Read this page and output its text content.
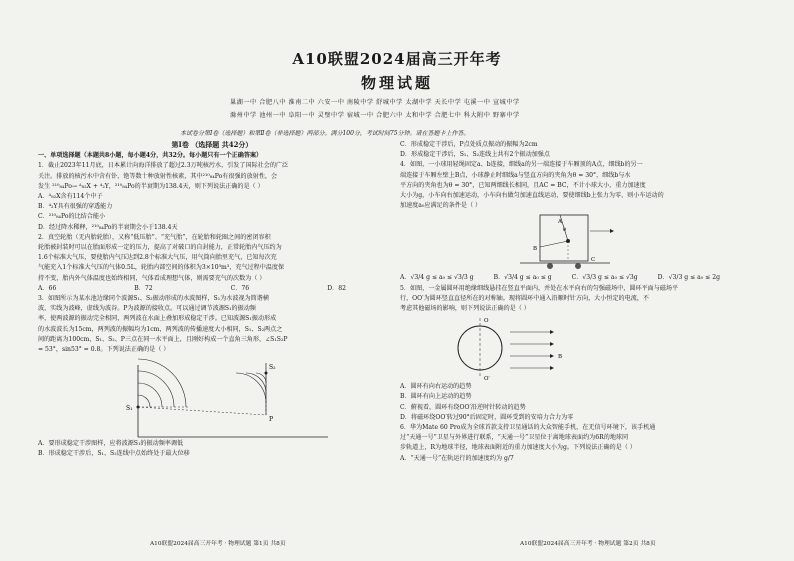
A10联盟2024届高三开年考
物理试题
巢湖一中 合肥八中 淮南二中 六安一中 南陵中学 舒城中学 太湖中学 天长中学 屯溪一中 宣城中学
滁州中学 池州一中 阜阳一中 灵璧中学 宿城一中 合肥六中 太和中学 合肥七中 科大附中 野寨中学
本试卷分第Ⅰ卷（选择题）和第Ⅱ卷（非选择题）两部分。满分100分，考试时间75分钟。请在答题卡上作答。
第Ⅰ卷 （选择题 共42分）

一、单项选择题（本题共8小题，每小题4分，共32分。每小题只有一个正确答案）

1．截止2023年11月底，日本累计向海洋排放了超过2.3万吨核污水，引发了国际社会的广泛

关注。排放的核污水中含有钋、铯等数十种放射性核素，其中²¹⁰₈₄Po有很强的放射性，会

发生 ²¹⁰₈₄Po→ ᴬ₈₂X + ⁴₂Y，²¹⁰₈₄Po的半衰期为138.4天，则下列说法正确的是（ ）

A．ᴬ₈₂X含有114个中子

B．⁴₂Y具有很强的穿透能力

C．²¹⁰₈₄Po的比结合能小

D．经过降水稀释，²¹⁰₈₄Po的半衰期会小于138.4天

2．真空轮胎（无内胎轮胎），又称“低压胎”、“充气胎”，在轮胎和轮圈之间的密闭容积

轮胎被封装时可以在胎面形成一定的压力，提高了对破口的自封能力，正常轮胎内气压约为

1.6个标准大气压，要使胎内气压达到2.8个标准大气压，用气筒向胎里充气，已知每次充

气能充入1个标准大气压的气体0.5L，轮胎内部空间的体积为3×10³m³，充气过程中温度保

持不变，胎内外气体温度也始终相同，气体看成理想气体，则需要充气的次数为（ ）

A．66	B．72	C．76	D．82

3．如图所示为某水池边缘同个波源S₁、S₂振动形成的水波图样，S₁为水波视为简谐横

波，实线为波峰，虚线为波谷。P为波源的接收点。可以通过调节波源S₁的振动频

率，使两波源的振动完全相同，两列波在水面上叠加形成稳定干涉。已知波源S₁振动形成

的水波波长为15cm，两列波的振幅均为1cm，两列波的传播速度大小相同，S₁、S₂两点之

间的距离为100cm，S₁、S₂、P三点在同一水平面上，且刚好构成一个直角三角形，∠S₁S₂P

= 53°，sin53° = 0.8。下列说法正确的是（ ）

S₁
S₂
P

A．要形成稳定干涉图样，应将波源S₁的振动频率调低

B．形成稳定干涉后，S₁、S₂连线中点始终处于最大位移

C．形成稳定干涉后，P点处质点振动的振幅为2cm

D．形成稳定干涉后，S₁、S₂连线上共有2个振动加强点

4．如图，一小球用轻绳固定a、b连接，细线a的另一端连接于车厢顶的A点，细线b的另一

端连接于车厢左壁上B点，小球静止时细线a与竖直方向的夹角为θ = 30°，细线b与水

平方向的夹角也为θ = 30°，已知两细线长相同，且AC = BC，不计小球大小，重力加速度

大小为g，小车向右加速运动，小车向右做匀加速直线运动，要使细线b上张力为零，则小车运动的

加速度a₀应满足的条件是（ ）

A
B
C
θ
A．√3/4 g ≤ a₀ ≤ √3/3 g	B．√3/4 g ≤ a₀ ≤ g	C．√3/3 g ≤ a₀ ≤ √3g	D．√3/3 g ≤ a₀ ≤ 2g

5．如图，一金属圆环用绝缘细线悬挂在竖直平面内，并处在水平向右的匀强磁场中，圆环平面与磁场平

行，OO′为圆环竖直直径所在的对称轴。现将圆环中通入沿顺时针方向，大小恒定的电流，不

考虑其他磁场的影响，则下列说法正确的是（ ）

O
O′
B

A．圆环有向右运动的趋势

B．圆环有向上运动的趋势

C．俯视看，圆环有绕OO′沿逆时针转动的趋势

D．将磁环绕OO′转过90°后固定时，圆环受到的安培力合力为零

6．华为Mate 60 Pro成为全球首款支持卫星通话的大众智能手机，在无信号环境下，该手机通

过“天通一号”卫星与外界进行联系，“天通一号”卫星位于离地球表面约为6R的地球同

步轨道上，R为地球半径，地球表面附近的重力加速度大小为g。下列说法正确的是（ ）

A．“天通一号”在轨运行的加速度约为 g/7

A10联盟2024届高三开年考 · 物理试题 第1页 共8页	A10联盟2024届高三开年考 · 物理试题 第2页 共8页
